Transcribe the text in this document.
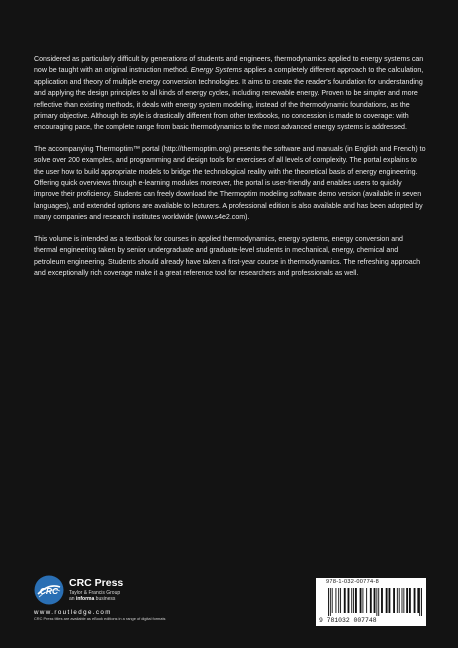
Considered as particularly difficult by generations of students and engineers, thermodynamics applied to energy systems can now be taught with an original instruction method. Energy Systems applies a completely different approach to the calculation, application and theory of multiple energy conversion technologies. It aims to create the reader's foundation for understanding and applying the design principles to all kinds of energy cycles, including renewable energy. Proven to be simpler and more reflective than existing methods, it deals with energy system modeling, instead of the thermodynamic foundations, as the primary objective. Although its style is drastically different from other textbooks, no concession is made to coverage: with encouraging pace, the complete range from basic thermodynamics to the most advanced energy systems is addressed.

The accompanying Thermoptim™ portal (http://thermoptim.org) presents the software and manuals (in English and French) to solve over 200 examples, and programming and design tools for exercises of all levels of complexity. The portal explains to the user how to build appropriate models to bridge the technological reality with the theoretical basis of energy engineering. Offering quick overviews through e-learning modules moreover, the portal is user-friendly and enables users to quickly improve their proficiency. Students can freely download the Thermoptim modeling software demo version (available in seven languages), and extended options are available to lecturers. A professional edition is also available and has been adopted by many companies and research institutes worldwide (www.s4e2.com).

This volume is intended as a textbook for courses in applied thermodynamics, energy systems, energy conversion and thermal engineering taken by senior undergraduate and graduate-level students in mechanical, energy, chemical and petroleum engineering. Students should already have taken a first-year course in thermodynamics. The refreshing approach and exceptionally rich coverage make it a great reference tool for researchers and professionals as well.

CRC
CRC Press
Taylor & Francis Group
an informa business
www.routledge.com
CRC Press titles are available as eBook editions in a range of digital formats
978-1-032-00774-8
9 781032 007748
